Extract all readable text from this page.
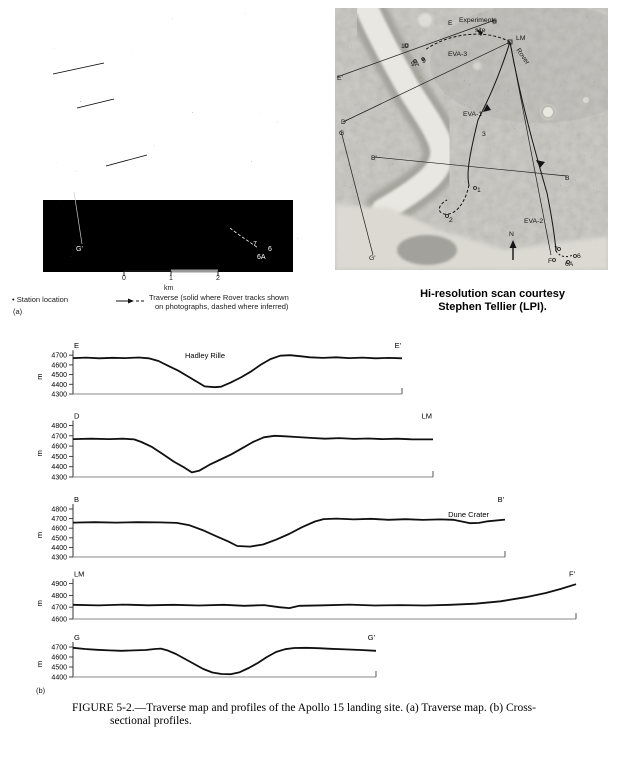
G'
7
6
6A
0	1	2
km
• Station location	Traverse (solid where Rover tracks shown
on photographs, dashed where inferred)
(a)
E Experiments
site
LM
Rover
EVA-3
10
9A 9
E'
D'
G
B'
EVA-1
3
B
1
2	EVA-2
N
7
F'
6
6A
G'
Hi-resolution scan courtesy
Stephen Tellier (LPI).
4700
4600
4500
4400
4300
E	E'
m
Hadley Rille
4800
4700
4600
4500
4400
4300
D	LM
m
4800
4700
4600
4500
4400
4300
B	B'
m
Dune Crater
4900
4800
4700
4600
LM	F'
m
4700
4600
4500
4400
G	G'
m
(b)
FIGURE 5-2.—Traverse map and profiles of the Apollo 15 landing site. (a) Traverse map. (b) Cross-
sectional profiles.
